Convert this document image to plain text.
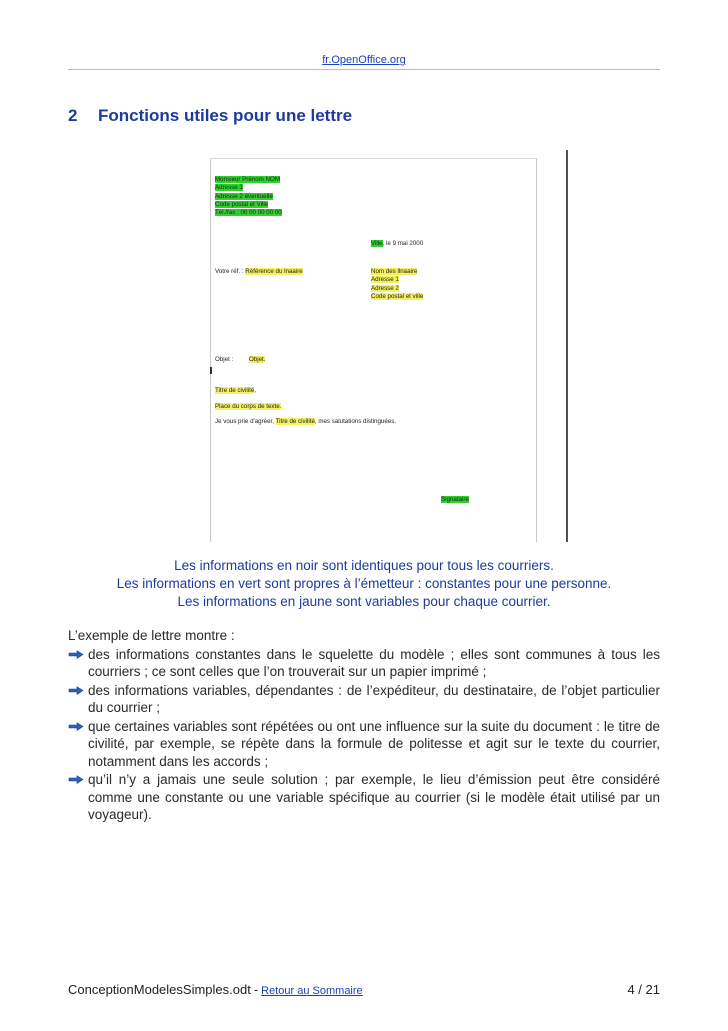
fr.OpenOffice.org
2 Fonctions utiles pour une lettre
Monsieur Prénom NOM
Adresse 1
Adresse 2 éventuelle
Code postal et Ville
Tél./fax : 00 00 00 00 00
Ville, le 9 mai 2000
Votre réf. : Référence du lnaaire	Nom des llnaaire
Adresse 1
Adresse 2
Code postal et ville
Objet :	Objet.
Titre de civilité,
Place du corps de texte.
Je vous prie d'agréer, Titre de civilité, mes salutations distinguées.
Signataire
Les informations en noir sont identiques pour tous les courriers.
Les informations en vert sont propres à l’émetteur : constantes pour une personne.
Les informations en jaune sont variables pour chaque courrier.
L’exemple de lettre montre :
des informations constantes dans le squelette du modèle ; elles sont communes à tous les courriers ; ce sont celles que l’on trouverait sur un papier imprimé ;
des informations variables, dépendantes : de l’expéditeur, du destinataire, de l’objet particulier du courrier ;
que certaines variables sont répétées ou ont une influence sur la suite du document : le titre de civilité, par exemple, se répète dans la formule de politesse et agit sur le texte du courrier, notamment dans les accords ;
qu’il n’y a jamais une seule solution ; par exemple, le lieu d’émission peut être considéré comme une constante ou une variable spécifique au courrier (si le modèle était utilisé par un voyageur).
ConceptionModelesSimples.odt - Retour au Sommaire	4 / 21
